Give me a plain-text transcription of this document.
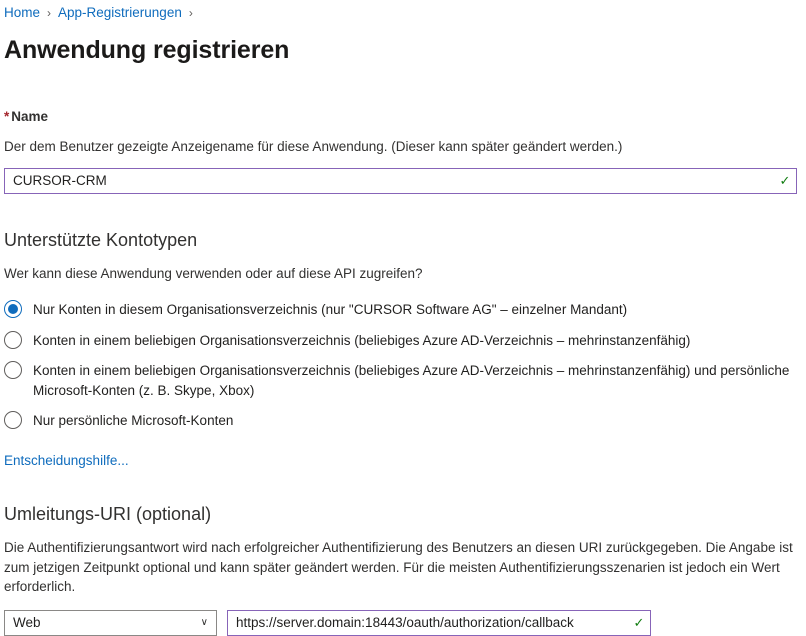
Home › App-Registrierungen ›
Anwendung registrieren
* Name
Der dem Benutzer gezeigte Anzeigename für diese Anwendung. (Dieser kann später geändert werden.)
CURSOR-CRM
✓
Unterstützte Kontotypen
Wer kann diese Anwendung verwenden oder auf diese API zugreifen?
Nur Konten in diesem Organisationsverzeichnis (nur "CURSOR Software AG" – einzelner Mandant)
Konten in einem beliebigen Organisationsverzeichnis (beliebiges Azure AD-Verzeichnis – mehrinstanzenfähig)
Konten in einem beliebigen Organisationsverzeichnis (beliebiges Azure AD-Verzeichnis – mehrinstanzenfähig) und persönliche Microsoft-Konten (z. B. Skype, Xbox)
Nur persönliche Microsoft-Konten
Entscheidungshilfe...
Umleitungs-URI (optional)
Die Authentifizierungsantwort wird nach erfolgreicher Authentifizierung des Benutzers an diesen URI zurückgegeben. Die Angabe ist zum jetzigen Zeitpunkt optional und kann später geändert werden. Für die meisten Authentifizierungsszenarien ist jedoch ein Wert erforderlich.
Web	∨
https://server.domain:18443/oauth/authorization/callback	✓
